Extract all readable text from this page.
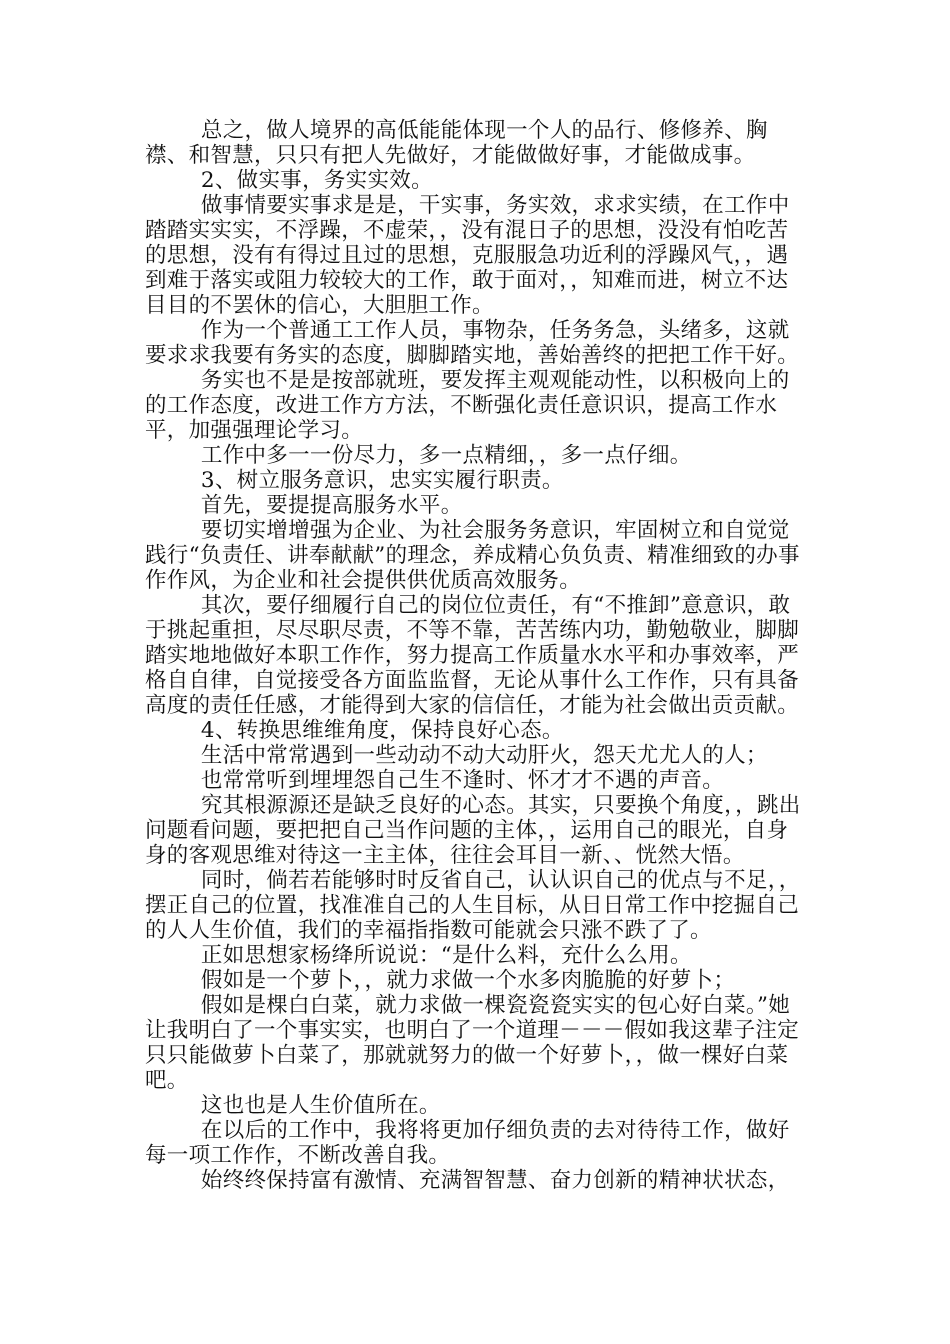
总之，做人境界的高低能能体现一个人的品行、修修养、胸襟、和智慧，只只有把人先做好，才能做做好事，才能做成事。

2、做实事，务实实效。

做事情要实事求是是，干实事，务实效，求求实绩，在工作中踏踏实实实，不浮躁，不虚荣，，没有混日子的思想，没没有怕吃苦的思想，没有有得过且过的思想，克服服急功近利的浮躁风气，，遇到难于落实或阻力较较大的工作，敢于面对，，知难而进，树立不达目目的不罢休的信心，大胆胆工作。

作为一个普通工工作人员，事物杂，任务务急，头绪多，这就要求求我要有务实的态度，脚脚踏实地，善始善终的把把工作干好。

务实也不是是按部就班，要发挥主观观能动性，以积极向上的的工作态度，改进工作方方法，不断强化责任意识识，提高工作水平，加强强理论学习。

工作中多一一份尽力，多一点精细，，多一点仔细。

3、树立服务意识，忠实实履行职责。

首先，要提提高服务水平。

要切实增增强为企业、为社会服务务意识，牢固树立和自觉觉践行“负责任、讲奉献献”的理念，养成精心负负责、精准细致的办事作作风，为企业和社会提供供优质高效服务。

其次，要仔细履行自己的岗位位责任，有“不推卸”意意识，敢于挑起重担，尽尽职尽责，不等不靠，苦苦练内功，勤勉敬业，脚脚踏实地地做好本职工作作，努力提高工作质量水水平和办事效率，严格自自律，自觉接受各方面监监督，无论从事什么工作作，只有具备高度的责任任感，才能得到大家的信信任，才能为社会做出贡贡献。

4、转换思维维角度，保持良好心态。

生活中常常遇到一些动动不动大动肝火，怨天尤尤人的人；

也常常听到埋埋怨自己生不逢时、怀才才不遇的声音。

究其根源源还是缺乏良好的心态。其实，只要换个角度，，跳出问题看问题，要把把自己当作问题的主体，，运用自己的眼光，自身身的客观思维对待这一主主体，往往会耳目一新、、恍然大悟。

同时，倘若若能够时时反省自己，认认识自己的优点与不足，，摆正自己的位置，找准准自己的人生目标，从日日常工作中挖掘自己的人人生价值，我们的幸福指指数可能就会只涨不跌了了。

正如思想家杨绛所说说：“是什么料，充什么么用。

假如是一个萝卜，，就力求做一个水多肉脆脆的好萝卜；

假如是棵白白菜，就力求做一棵瓷瓷瓷实实的包心好白菜。”她让我明白了一个事实实，也明白了一个道理－－－假如我这辈子注定只只能做萝卜白菜了，那就就努力的做一个好萝卜，，做一棵好白菜吧。

这也也是人生价值所在。

在以后的工作中，我将将更加仔细负责的去对待待工作，做好每一项工作作，不断改善自我。

始终终保持富有激情、充满智智慧、奋力创新的精神状状态，
